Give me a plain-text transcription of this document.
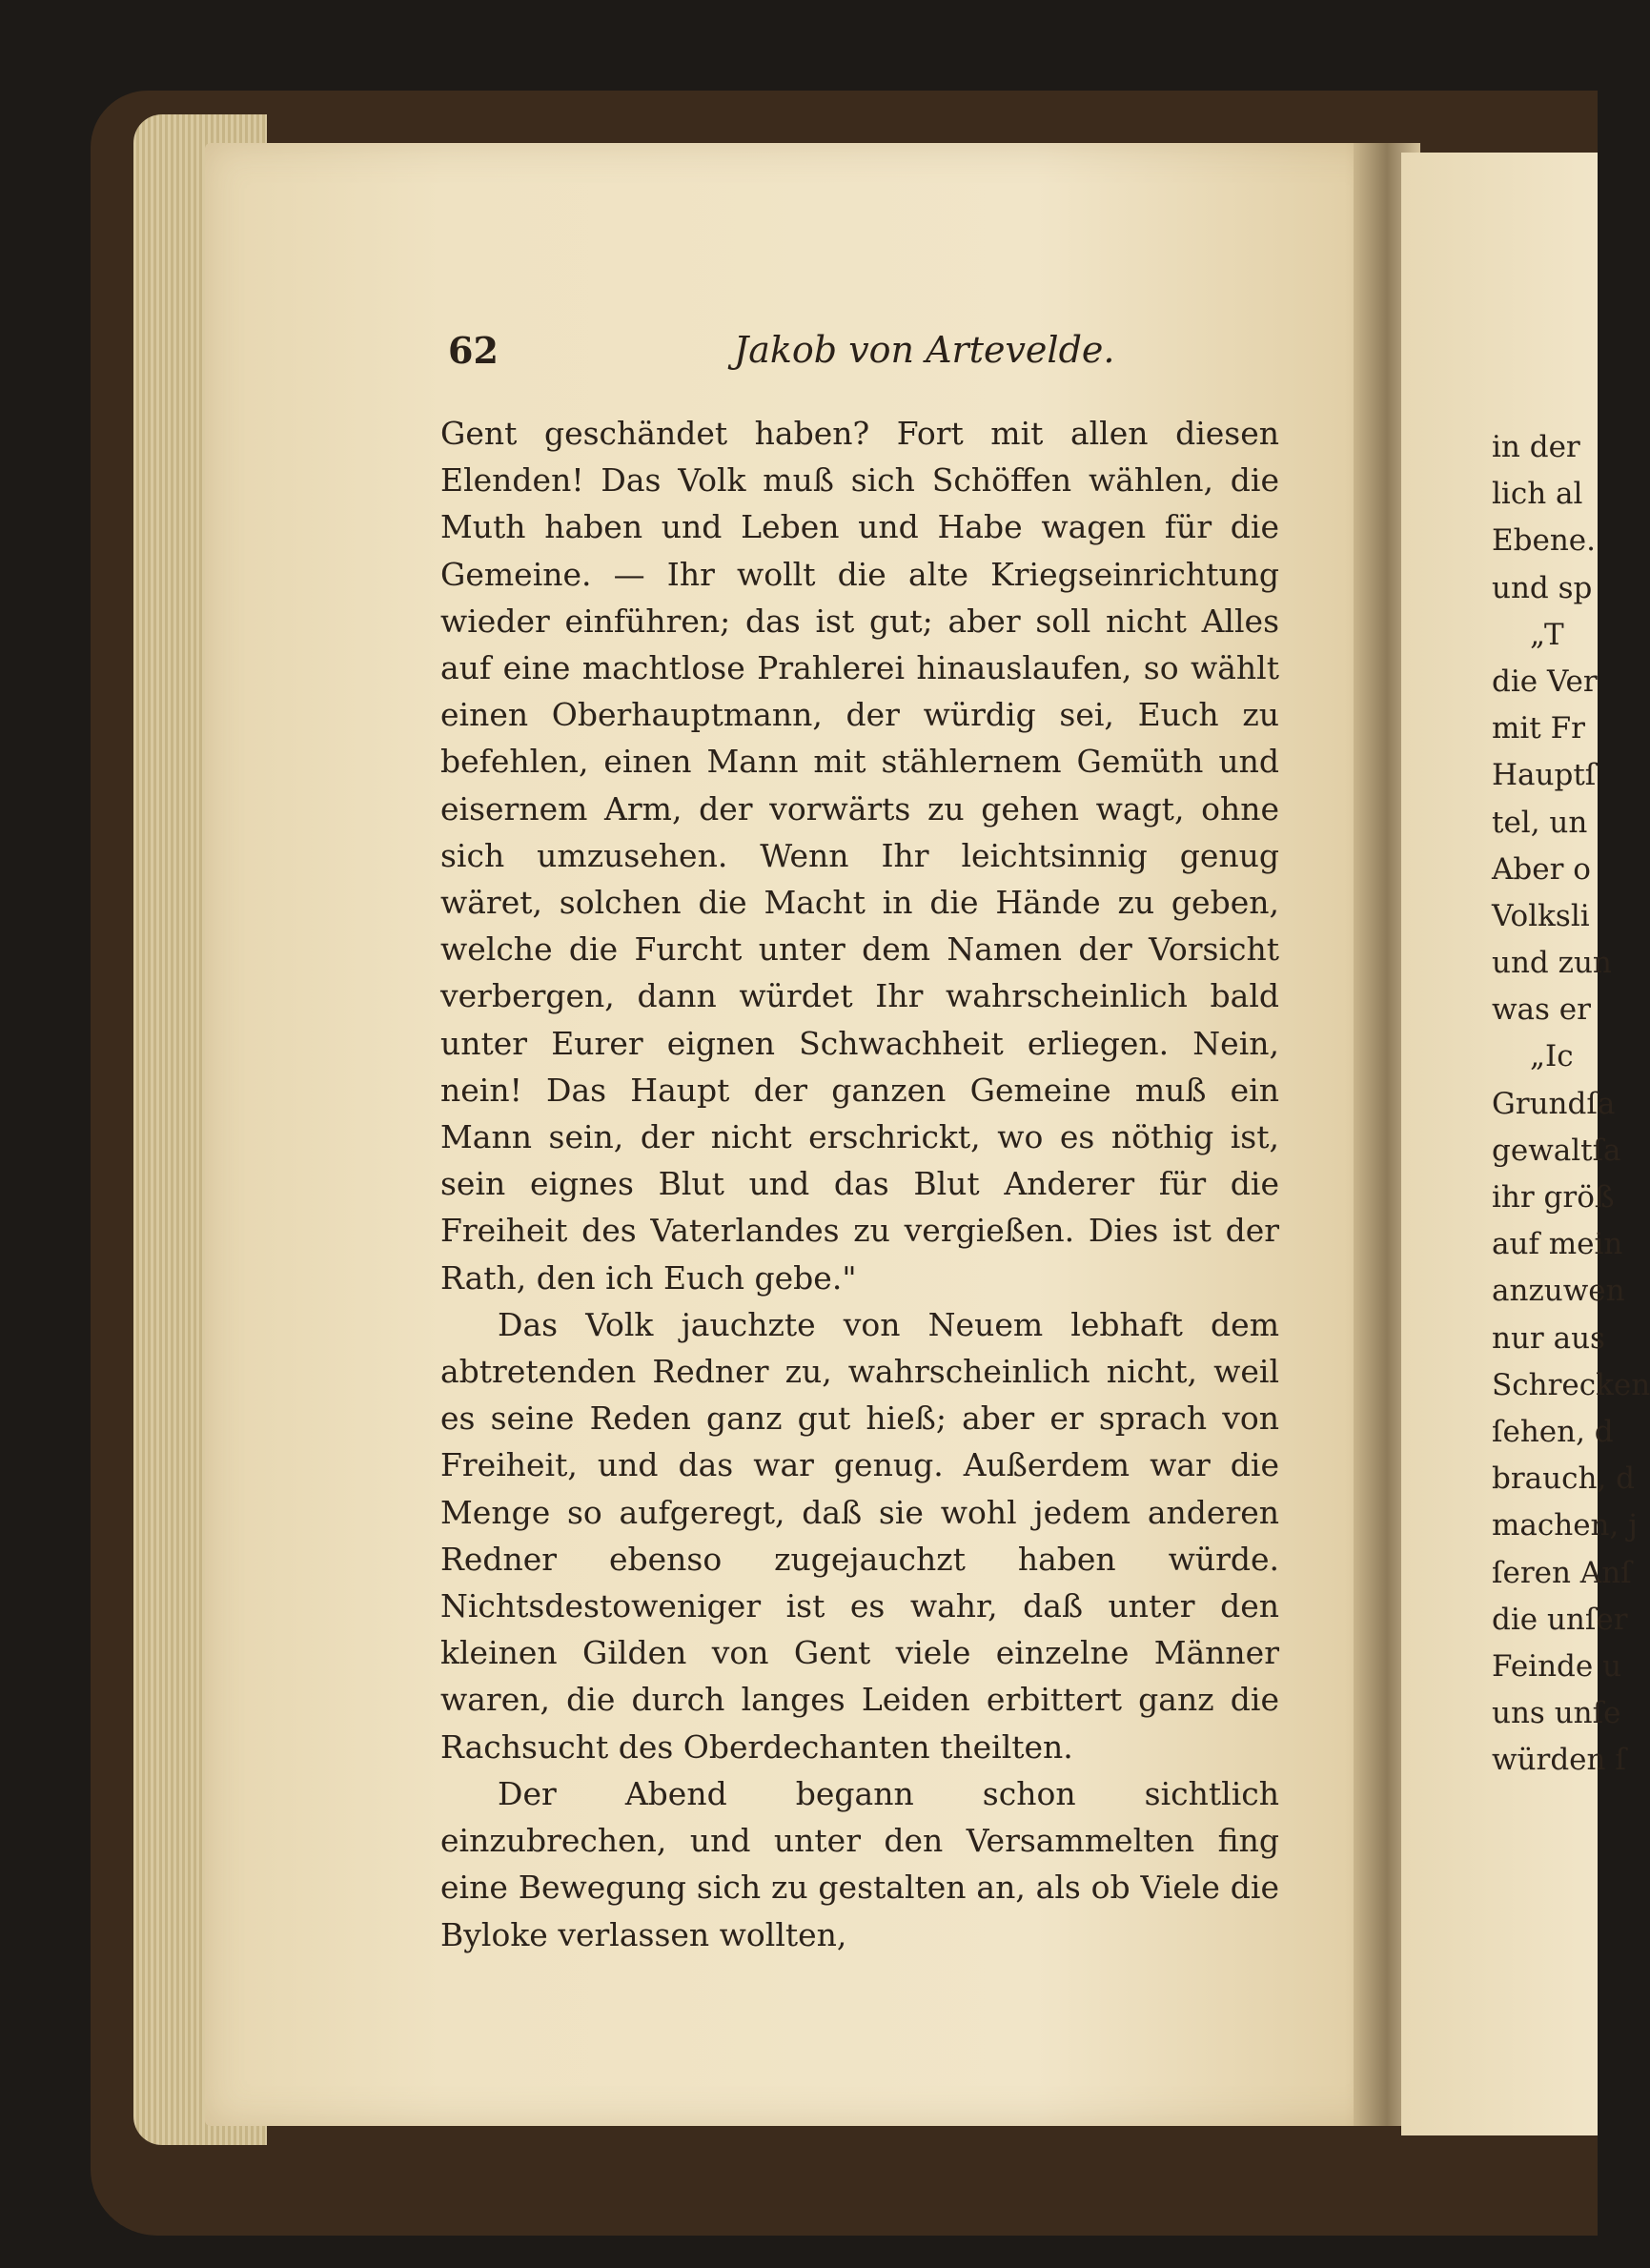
62	Jakob von Artevelde.

Gent geschändet haben? Fort mit allen diesen Elenden! Das Volk muß sich Schöffen wählen, die Muth haben und Leben und Habe wagen für die Gemeine. — Ihr wollt die alte Kriegseinrichtung wieder einführen; das ist gut; aber soll nicht Alles auf eine machtlose Prahlerei hinauslaufen, so wählt einen Oberhauptmann, der würdig sei, Euch zu befehlen, einen Mann mit stählernem Gemüth und eisernem Arm, der vorwärts zu gehen wagt, ohne sich umzusehen. Wenn Ihr leichtsinnig genug wäret, solchen die Macht in die Hände zu geben, welche die Furcht unter dem Namen der Vorsicht verbergen, dann würdet Ihr wahrscheinlich bald unter Eurer eignen Schwachheit erliegen. Nein, nein! Das Haupt der ganzen Gemeine muß ein Mann sein, der nicht erschrickt, wo es nöthig ist, sein eignes Blut und das Blut Anderer für die Freiheit des Vaterlandes zu vergießen. Dies ist der Rath, den ich Euch gebe."

Das Volk jauchzte von Neuem lebhaft dem abtretenden Redner zu, wahrscheinlich nicht, weil es seine Reden ganz gut hieß; aber er sprach von Freiheit, und das war genug. Außerdem war die Menge so aufgeregt, daß sie wohl jedem anderen Redner ebenso zugejauchzt haben würde. Nichtsdestoweniger ist es wahr, daß unter den kleinen Gilden von Gent viele einzelne Männer waren, die durch langes Leiden erbittert ganz die Rachsucht des Oberdechanten theilten.

Der Abend begann schon sichtlich einzubrechen, und unter den Versammelten fing eine Bewegung sich zu gestalten an, als ob Viele die Byloke verlassen wollten,

in der
lich al
Ebene.
und sp
„T
die Ver
mit Fr
Hauptſ
tel, un
Aber o
Volksli
und zun
was er
„Ic
Grundſa
gewaltſa
ihr größ
auf mein
anzuwen
nur aus
Schrecken
ſehen, d
brauch, d
machen, j
ſeren Anſ
die unſer
Feinde u
uns unſe
würden ſ
